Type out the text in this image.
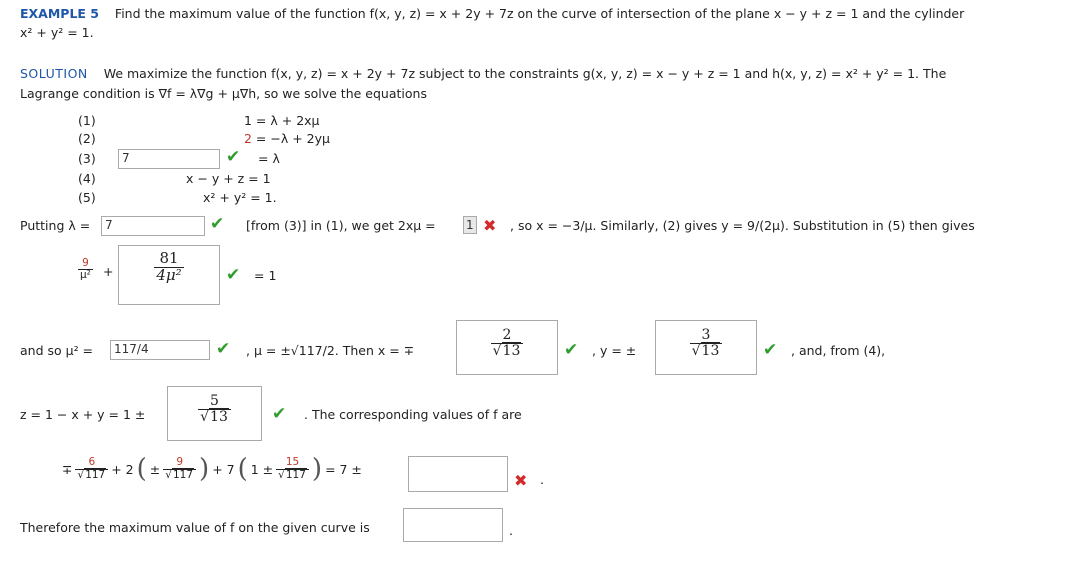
EXAMPLE 5 Find the maximum value of the function f(x, y, z) = x + 2y + 7z on the curve of intersection of the plane x − y + z = 1 and the cylinder
x² + y² = 1.
SOLUTION We maximize the function f(x, y, z) = x + 2y + 7z subject to the constraints g(x, y, z) = x − y + z = 1 and h(x, y, z) = x² + y² = 1. The
Lagrange condition is ∇f = λ∇g + μ∇h, so we solve the equations
(1)	1 = λ + 2xμ
(2)	2 = −λ + 2yμ
(3)	7	✔ = λ
(4)	x − y + z = 1
(5)	x² + y² = 1.
Putting λ =	7	✔ [from (3)] in (1), we get 2xμ =	1 ✖ , so x = −3/μ. Similarly, (2) gives y = 9/(2μ). Substitution in (5) then gives
$\frac{9}{\text{μ²}}$ +	$\frac{81}{\text{4μ²}}$ ✔ = 1
and so μ² =	117/4	✔ , μ = ±√117/2. Then x = ∓	$\frac{2}{√13}$ ✔ , y = ±	$\frac{3}{√13}$ ✔ , and, from (4),
z = 1 − x + y = 1 ±	$\frac{5}{√13}$ ✔ . The corresponding values of f are
∓ $\frac{6}{√117} + 2$ ( ± $\frac{9}{√117}$ ) + 7 ( $1 \pm \frac{15}{√117}$ ) = 7 ±
✖ .
Therefore the maximum value of f on the given curve is	.
